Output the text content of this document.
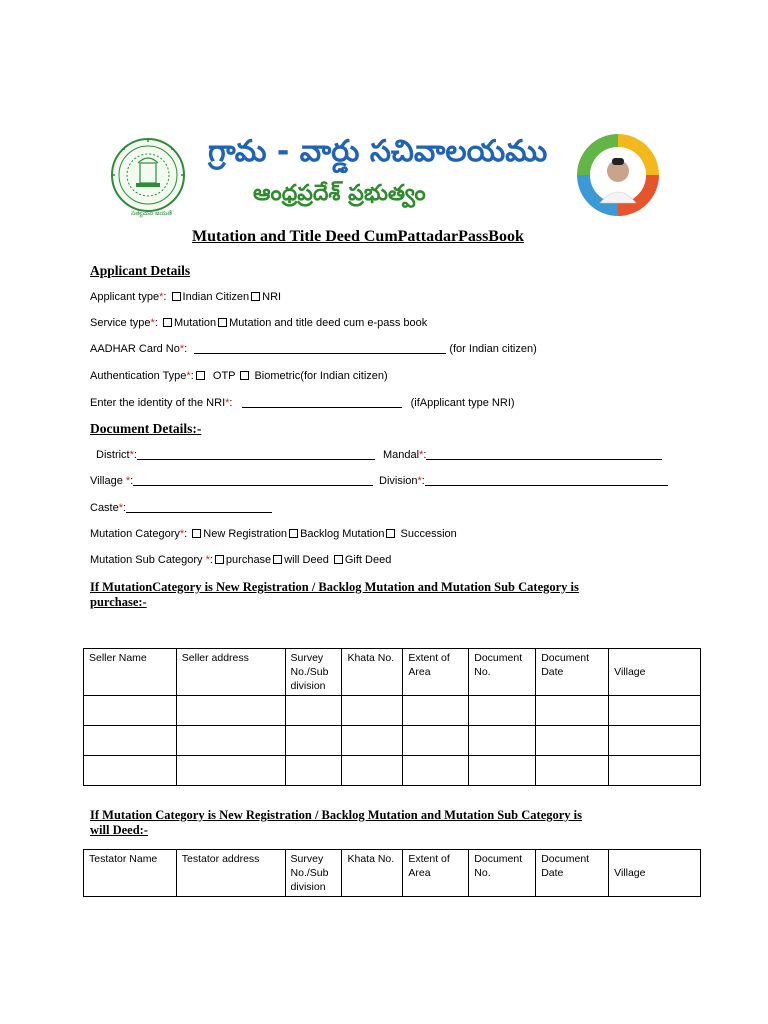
సత్యమేవ జయతే
గ్రామ - వార్డు సచివాలయము
ఆంధ్రప్రదేశ్ ప్రభుత్వం
Mutation and Title Deed CumPattadarPassBook
Applicant Details
Applicant type*: Indian Citizen NRI
Service type*: Mutation Mutation and title deed cum e-pass book
AADHAR Card No*:	(for Indian citizen)
Authentication Type*: OTP Biometric(for Indian citizen)
Enter the identity of the NRI*:	(ifApplicant type NRI)
Document Details:-
District*:	Mandal*:
Village *:	Division*:
Caste*:
Mutation Category*: New Registration Backlog Mutation Succession
Mutation Sub Category *: purchase will Deed Gift Deed
If MutationCategory is New Registration / Backlog Mutation and Mutation Sub Category is
purchase:-
Seller Name	Seller address	Survey No./Sub division	Khata No.	Extent of Area	Document No.	Document Date	Village

If Mutation Category is New Registration / Backlog Mutation and Mutation Sub Category is
will Deed:-
Testator Name	Testator address	Survey No./Sub division	Khata No.	Extent of Area	Document No.	Document Date	Village
